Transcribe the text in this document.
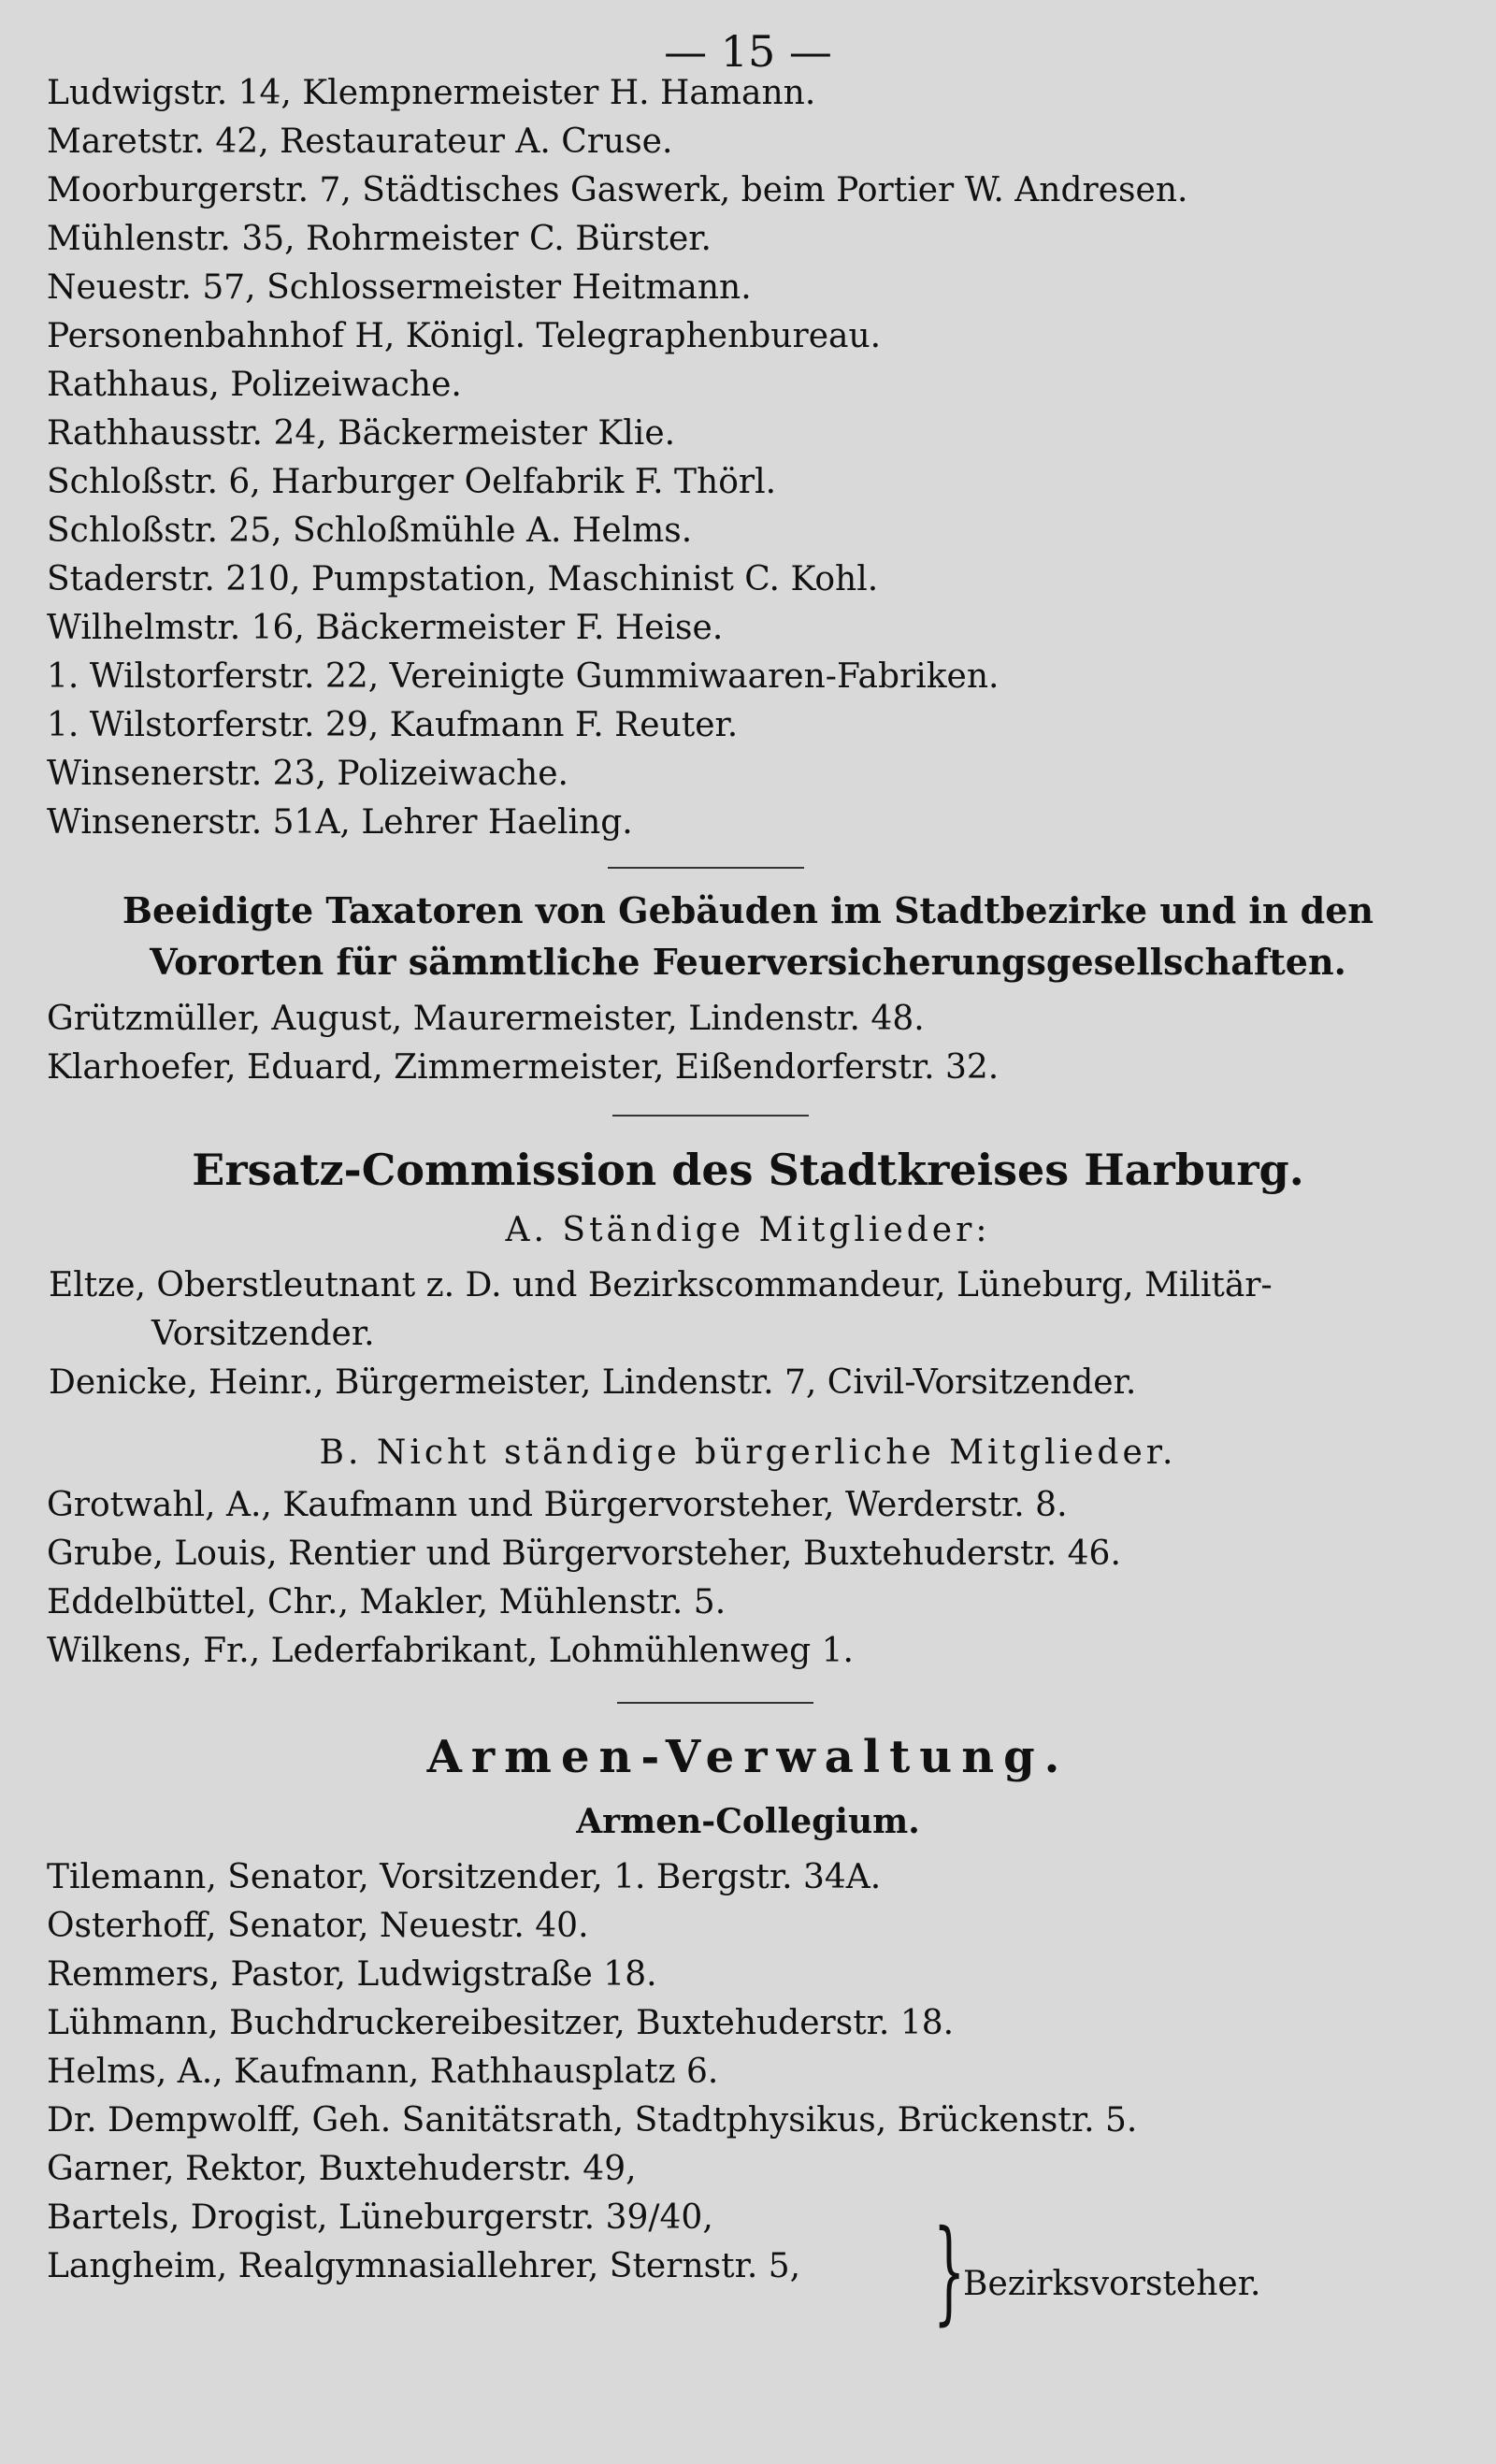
— 15 —
Ludwigstr. 14, Klempnermeister H. Hamann.
Maretstr. 42, Restaurateur A. Cruse.
Moorburgerstr. 7, Städtisches Gaswerk, beim Portier W. Andresen.
Mühlenstr. 35, Rohrmeister C. Bürster.
Neuestr. 57, Schlossermeister Heitmann.
Personenbahnhof H, Königl. Telegraphenbureau.
Rathhaus, Polizeiwache.
Rathhausstr. 24, Bäckermeister Klie.
Schloßstr. 6, Harburger Oelfabrik F. Thörl.
Schloßstr. 25, Schloßmühle A. Helms.
Staderstr. 210, Pumpstation, Maschinist C. Kohl.
Wilhelmstr. 16, Bäckermeister F. Heise.
1. Wilstorferstr. 22, Vereinigte Gummiwaaren-Fabriken.
1. Wilstorferstr. 29, Kaufmann F. Reuter.
Winsenerstr. 23, Polizeiwache.
Winsenerstr. 51A, Lehrer Haeling.
Beeidigte Taxatoren von Gebäuden im Stadtbezirke und in den
Vororten für sämmtliche Feuerversicherungsgesellschaften.
Grützmüller, August, Maurermeister, Lindenstr. 48.
Klarhoefer, Eduard, Zimmermeister, Eißendorferstr. 32.
Ersatz-Commission des Stadtkreises Harburg.
A. Ständige Mitglieder:
Eltze, Oberstleutnant z. D. und Bezirkscommandeur, Lüneburg, Militär-
Vorsitzender.
Denicke, Heinr., Bürgermeister, Lindenstr. 7, Civil-Vorsitzender.
B. Nicht ständige bürgerliche Mitglieder.
Grotwahl, A., Kaufmann und Bürgervorsteher, Werderstr. 8.
Grube, Louis, Rentier und Bürgervorsteher, Buxtehuderstr. 46.
Eddelbüttel, Chr., Makler, Mühlenstr. 5.
Wilkens, Fr., Lederfabrikant, Lohmühlenweg 1.
Armen-Verwaltung.
Armen-Collegium.
Tilemann, Senator, Vorsitzender, 1. Bergstr. 34A.
Osterhoff, Senator, Neuestr. 40.
Remmers, Pastor, Ludwigstraße 18.
Lühmann, Buchdruckereibesitzer, Buxtehuderstr. 18.
Helms, A., Kaufmann, Rathhausplatz 6.
Dr. Dempwolff, Geh. Sanitätsrath, Stadtphysikus, Brückenstr. 5.
Garner, Rektor, Buxtehuderstr. 49,
Bartels, Drogist, Lüneburgerstr. 39/40,
Langheim, Realgymnasiallehrer, Sternstr. 5, }
Bezirksvorsteher.
